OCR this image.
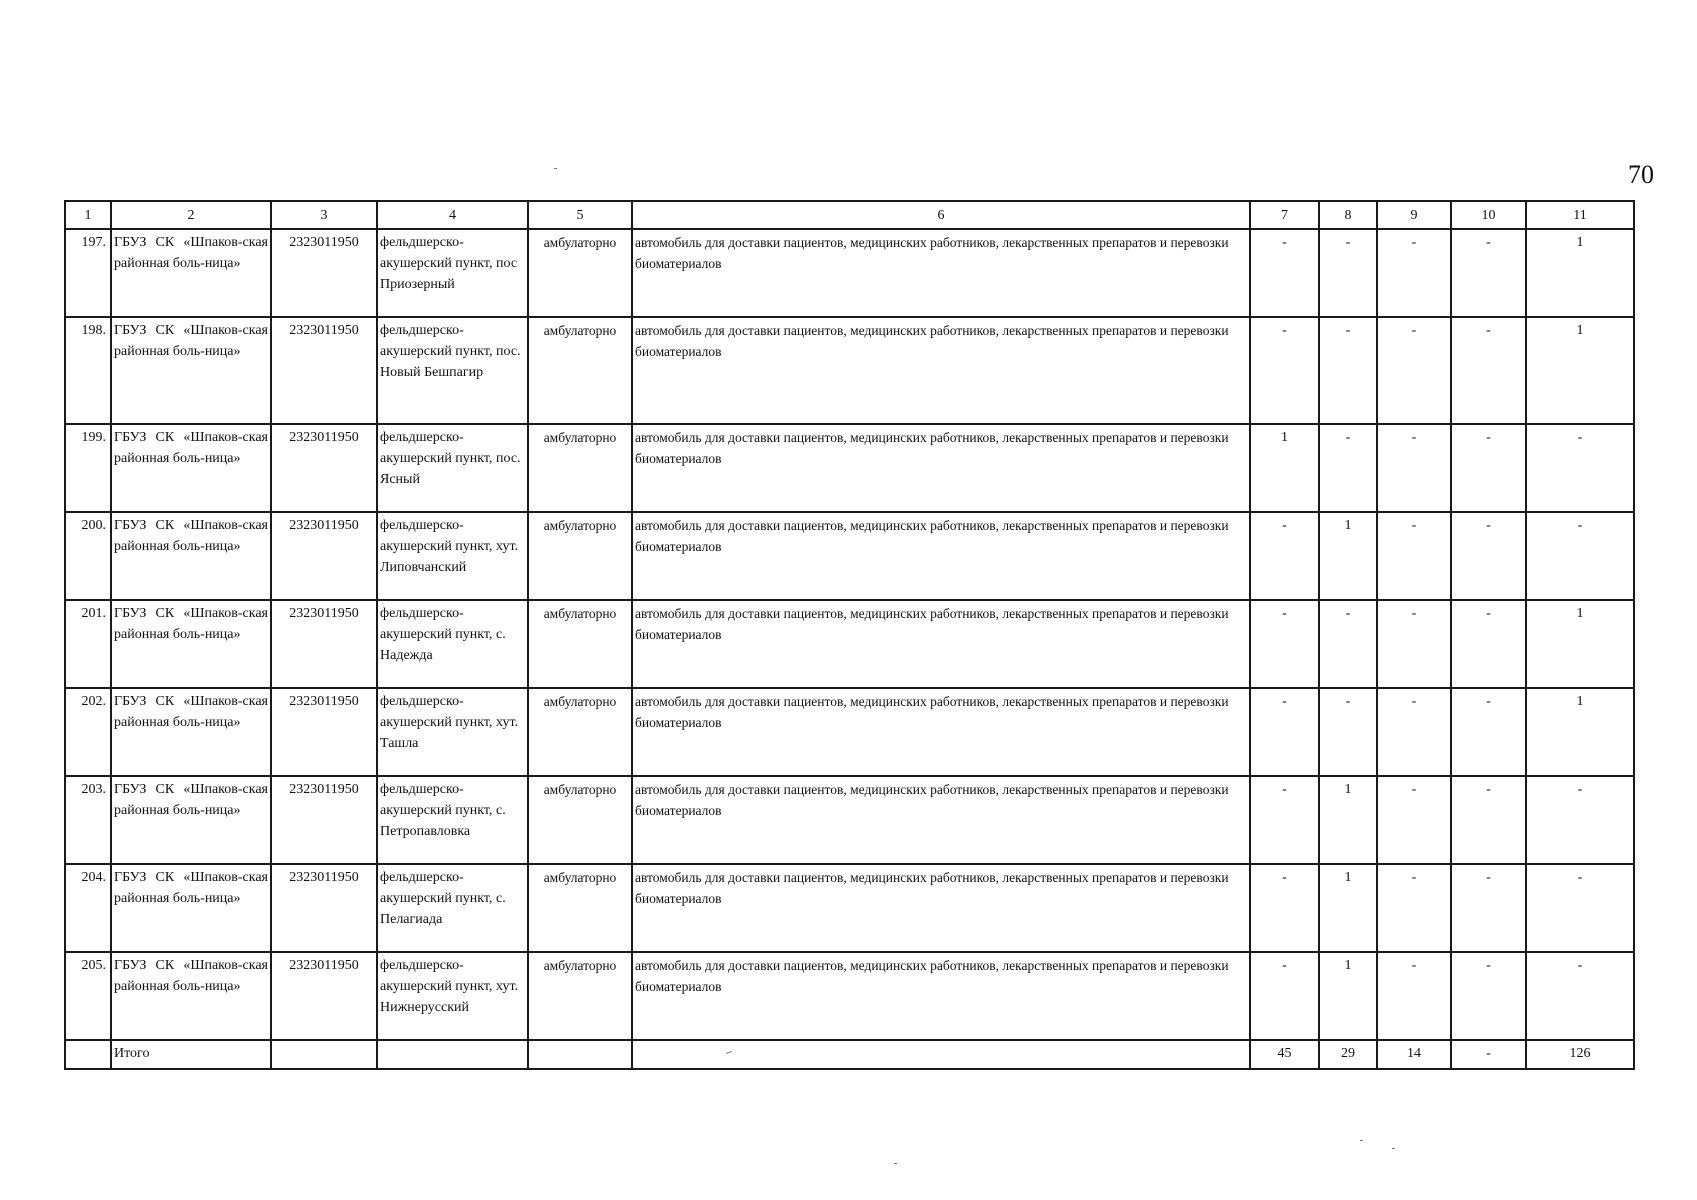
70
1	2	3	4	5	6	7	8	9	10	11
197.	ГБУЗ СК «Шпаков-ская районная боль-ница»	2323011950	фельдшерско-акушерский пункт, пос Приозерный	амбулаторно	автомобиль для доставки пациентов, медицинских работников, лекарственных препаратов и перевозки биоматериалов	-	-	-	-	1
198.	ГБУЗ СК «Шпаков-ская районная боль-ница»	2323011950	фельдшерско-акушерский пункт, пос. Новый Бешпагир	амбулаторно	автомобиль для доставки пациентов, медицинских работников, лекарственных препаратов и перевозки биоматериалов	-	-	-	-	1
199.	ГБУЗ СК «Шпаков-ская районная боль-ница»	2323011950	фельдшерско-акушерский пункт, пос. Ясный	амбулаторно	автомобиль для доставки пациентов, медицинских работников, лекарственных препаратов и перевозки биоматериалов	1	-	-	-	-
200.	ГБУЗ СК «Шпаков-ская районная боль-ница»	2323011950	фельдшерско-акушерский пункт, хут. Липовчанский	амбулаторно	автомобиль для доставки пациентов, медицинских работников, лекарственных препаратов и перевозки биоматериалов	-	1	-	-	-
201.	ГБУЗ СК «Шпаков-ская районная боль-ница»	2323011950	фельдшерско-акушерский пункт, с. Надежда	амбулаторно	автомобиль для доставки пациентов, медицинских работников, лекарственных препаратов и перевозки биоматериалов	-	-	-	-	1
202.	ГБУЗ СК «Шпаков-ская районная боль-ница»	2323011950	фельдшерско-акушерский пункт, хут. Ташла	амбулаторно	автомобиль для доставки пациентов, медицинских работников, лекарственных препаратов и перевозки биоматериалов	-	-	-	-	1
203.	ГБУЗ СК «Шпаков-ская районная боль-ница»	2323011950	фельдшерско-акушерский пункт, с. Петропавловка	амбулаторно	автомобиль для доставки пациентов, медицинских работников, лекарственных препаратов и перевозки биоматериалов	-	1	-	-	-
204.	ГБУЗ СК «Шпаков-ская районная боль-ница»	2323011950	фельдшерско-акушерский пункт, с. Пелагиада	амбулаторно	автомобиль для доставки пациентов, медицинских работников, лекарственных препаратов и перевозки биоматериалов	-	1	-	-	-
205.	ГБУЗ СК «Шпаков-ская районная боль-ница»	2323011950	фельдшерско-акушерский пункт, хут. Нижнерусский	амбулаторно	автомобиль для доставки пациентов, медицинских работников, лекарственных препаратов и перевозки биоматериалов	-	1	-	-	-
	Итого					45	29	14	-	126
